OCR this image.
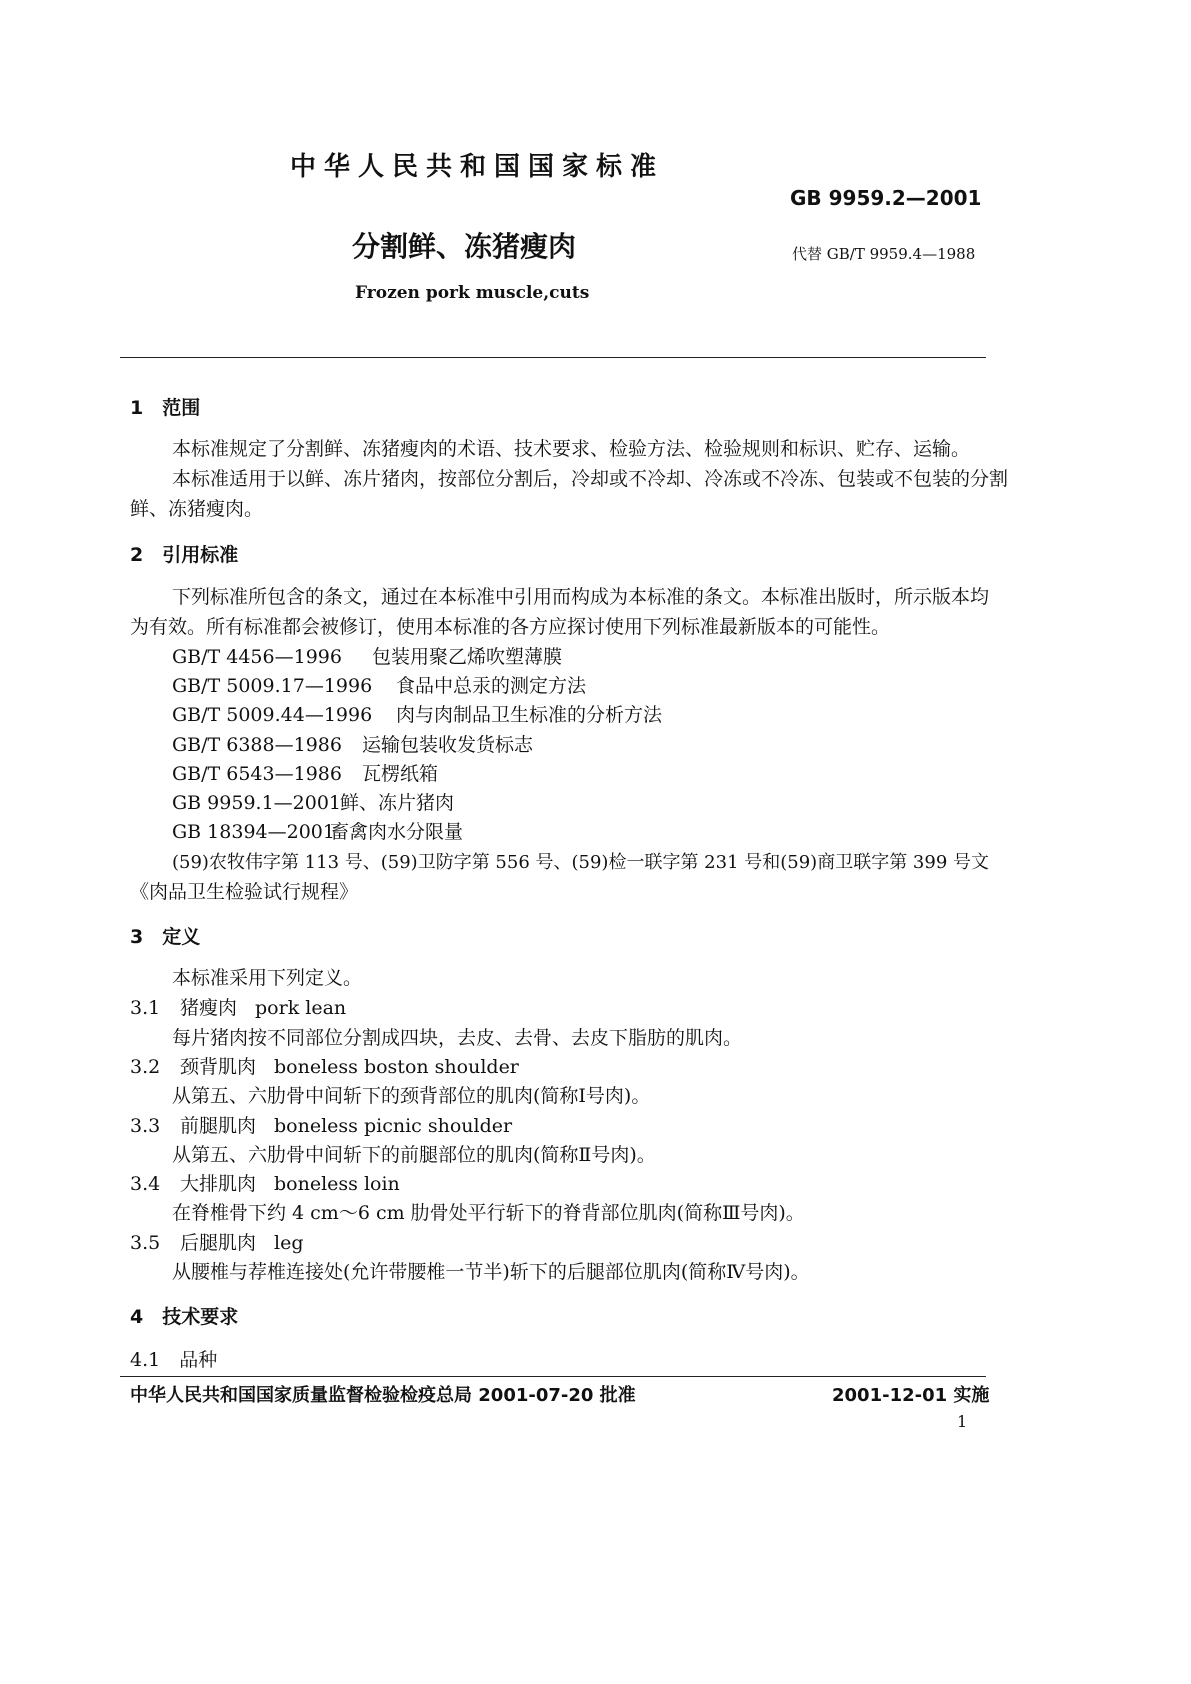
中华人民共和国国家标准
GB 9959.2—2001
分割鲜、冻猪瘦肉	代替 GB/T 9959.4—1988
Frozen pork muscle,cuts
1　范围
本标准规定了分割鲜、冻猪瘦肉的术语、技术要求、检验方法、检验规则和标识、贮存、运输。
本标准适用于以鲜、冻片猪肉，按部位分割后，冷却或不冷却、冷冻或不冷冻、包装或不包装的分割
鲜、冻猪瘦肉。
2　引用标准
下列标准所包含的条文，通过在本标准中引用而构成为本标准的条文。本标准出版时，所示版本均
为有效。所有标准都会被修订，使用本标准的各方应探讨使用下列标准最新版本的可能性。
GB/T 4456—1996 包装用聚乙烯吹塑薄膜
GB/T 5009.17—1996 食品中总汞的测定方法
GB/T 5009.44—1996 肉与肉制品卫生标准的分析方法
GB/T 6388—1986 运输包装收发货标志
GB/T 6543—1986 瓦楞纸箱
GB 9959.1—2001鲜、冻片猪肉
GB 18394—2001畜禽肉水分限量
(59)农牧伟字第 113 号、(59)卫防字第 556 号、(59)检一联字第 231 号和(59)商卫联字第 399 号文
《肉品卫生检验试行规程》
3　定义
本标准采用下列定义。
3.1 猪瘦肉 pork lean
每片猪肉按不同部位分割成四块，去皮、去骨、去皮下脂肪的肌肉。
3.2 颈背肌肉 boneless boston shoulder
从第五、六肋骨中间斩下的颈背部位的肌肉(简称Ⅰ号肉)。
3.3 前腿肌肉 boneless picnic shoulder
从第五、六肋骨中间斩下的前腿部位的肌肉(简称Ⅱ号肉)。
3.4 大排肌肉 boneless loin
在脊椎骨下约 4 cm～6 cm 肋骨处平行斩下的脊背部位肌肉(简称Ⅲ号肉)。
3.5 后腿肌肉 leg
从腰椎与荐椎连接处(允许带腰椎一节半)斩下的后腿部位肌肉(简称Ⅳ号肉)。
4　技术要求
4.1　品种
中华人民共和国国家质量监督检验检疫总局 2001-07-20 批准	2001-12-01 实施
1
